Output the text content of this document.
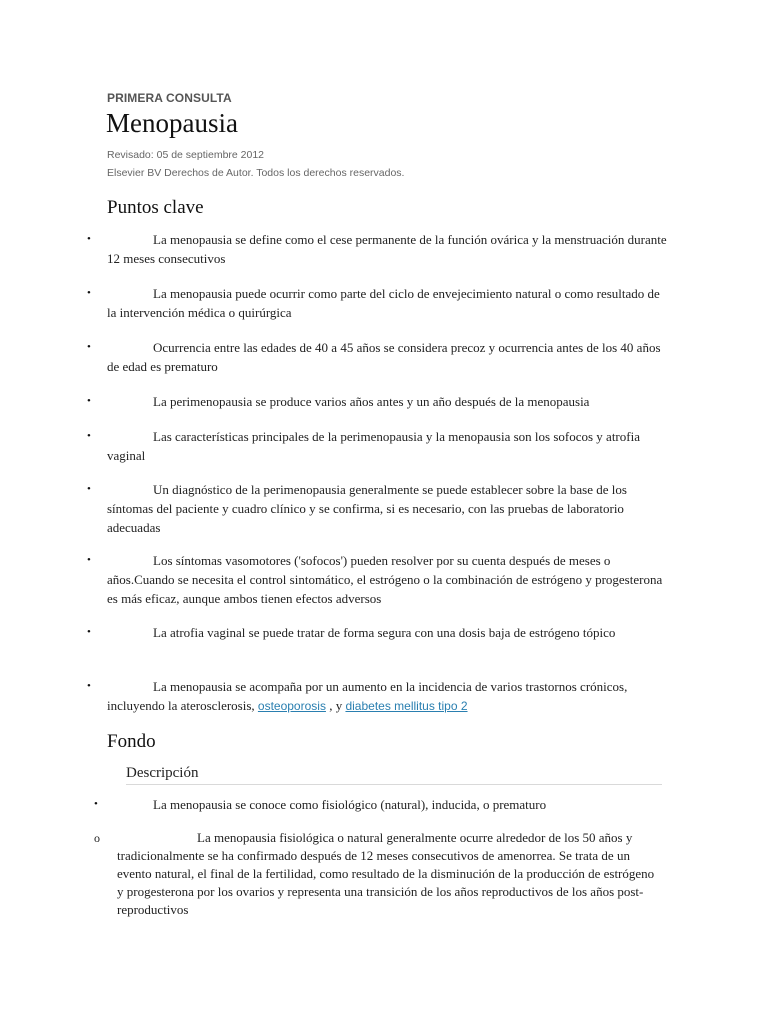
PRIMERA CONSULTA
Menopausia
Revisado: 05 de septiembre 2012
Elsevier BV Derechos de Autor. Todos los derechos reservados.
Puntos clave
•	La menopausia se define como el cese permanente de la función ovárica y la menstruación durante 12 meses consecutivos
•	La menopausia puede ocurrir como parte del ciclo de envejecimiento natural o como resultado de la intervención médica o quirúrgica
•	Ocurrencia entre las edades de 40 a 45 años se considera precoz y ocurrencia antes de los 40 años de edad es prematuro
•	La perimenopausia se produce varios años antes y un año después de la menopausia
•	Las características principales de la perimenopausia y la menopausia son los sofocos y atrofia vaginal
•	Un diagnóstico de la perimenopausia generalmente se puede establecer sobre la base de los síntomas del paciente y cuadro clínico y se confirma, si es necesario, con las pruebas de laboratorio adecuadas
•	Los síntomas vasomotores ('sofocos') pueden resolver por su cuenta después de meses o años.Cuando se necesita el control sintomático, el estrógeno o la combinación de estrógeno y progesterona es más eficaz, aunque ambos tienen efectos adversos
•	La atrofia vaginal se puede tratar de forma segura con una dosis baja de estrógeno tópico
•	La menopausia se acompaña por un aumento en la incidencia de varios trastornos crónicos, incluyendo la aterosclerosis, osteoporosis , y diabetes mellitus tipo 2
Fondo
Descripción
•	La menopausia se conoce como fisiológico (natural), inducida, o prematuro
o	La menopausia fisiológica o natural generalmente ocurre alrededor de los 50 años y tradicionalmente se ha confirmado después de 12 meses consecutivos de amenorrea. Se trata de un evento natural, el final de la fertilidad, como resultado de la disminución de la producción de estrógeno y progesterona por los ovarios y representa una transición de los años reproductivos de los años post-reproductivos
